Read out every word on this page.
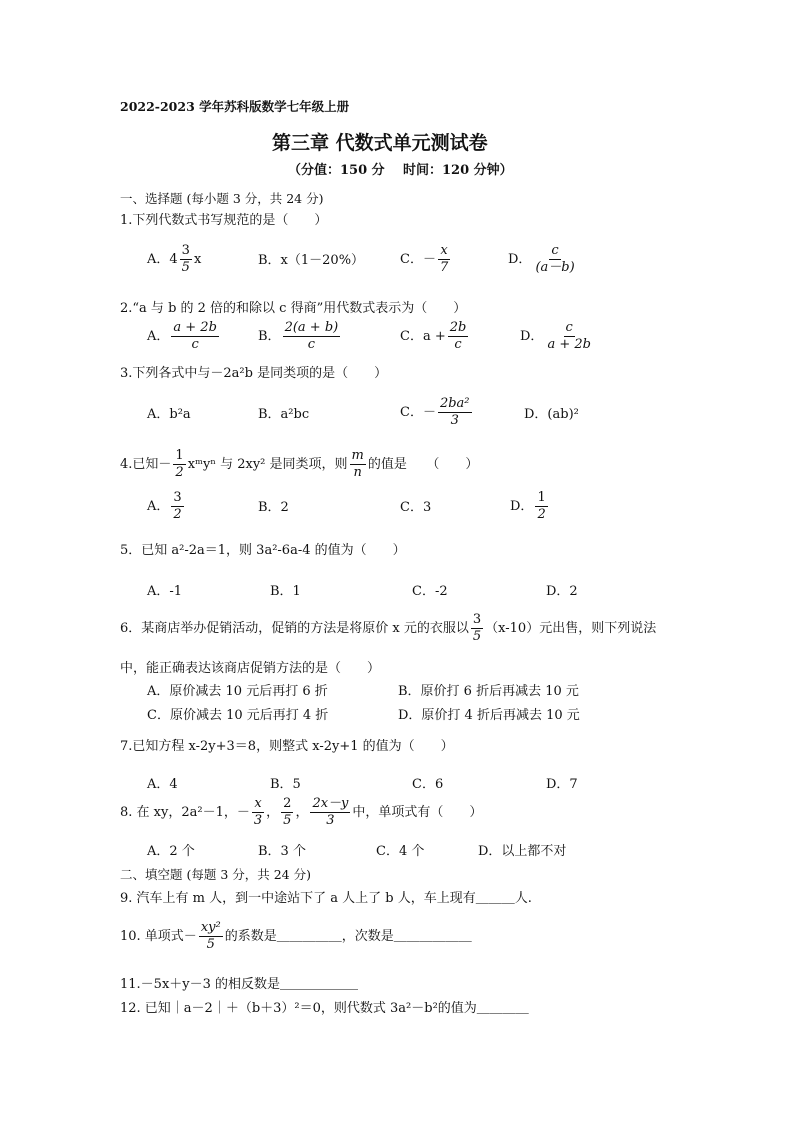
2022-2023 学年苏科版数学七年级上册
第三章 代数式单元测试卷
（分值：150 分 时间：120 分钟）
一、选择题 (每小题 3 分，共 24 分)
1.下列代数式书写规范的是（　　）
A．$4 \frac{3}{5}$ x	B．x（1－20%）	C．－ $\frac{x}{7}$	D． $\frac{c}{(a-b)}$
2.“a 与 b 的 2 倍的和除以 c 得商”用代数式表示为（　　）
A． $\frac{a + 2b}{c}$	B． $\frac{2(a + b)}{c}$	C．$a + \frac{2b}{c}$	D． $\frac{c}{a + 2b}$
3.下列各式中与－2a²b 是同类项的是（　　）
A．b²a	B．a²bc	C．－ $\frac{\text{2ba²}}{3}$	D．(ab)²
4.已知－ $\frac{1}{2}$ xᵐyⁿ 与 2xy² 是同类项，则 $\frac{m}{n}$ 的值是　　（　　）
A． $\frac{3}{2}$	B．2	C．3	D． $\frac{1}{2}$
5．已知 a²-2a＝1，则 3a²-6a-4 的值为（　　）
A．-1	B．1	C．-2	D．2
6．某商店举办促销活动，促销的方法是将原价 x 元的衣服以 $\frac{3}{5} (x-10)$元出售，则下列说法
中，能正确表达该商店促销方法的是（　　）
A．原价减去 10 元后再打 6 折	B．原价打 6 折后再减去 10 元
C．原价减去 10 元后再打 4 折	D．原价打 4 折后再减去 10 元
7.已知方程 x-2y+3＝8，则整式 x-2y+1 的值为（　　）
A．4	B．5	C．6	D．7
8. 在 xy，2a²－1，－ $\frac{x}{3}$ ， $\frac{2}{5}$ ， $\frac{2x-y}{3}$ 中，单项式有（　　）
A．2 个	B．3 个	C．4 个	D．以上都不对
二、填空题 (每题 3 分，共 24 分)
9. 汽车上有 m 人，到一中途站下了 a 人上了 b 人，车上现有＿＿＿人.
10. 单项式－ $\frac{\text{xy²}}{5}$ 的系数是＿＿＿＿＿，次数是＿＿＿＿＿＿
11.－5x＋y－3 的相反数是＿＿＿＿＿＿
12. 已知｜a－2｜＋（b＋3）²＝0，则代数式 3a²－b²的值为＿＿＿＿
